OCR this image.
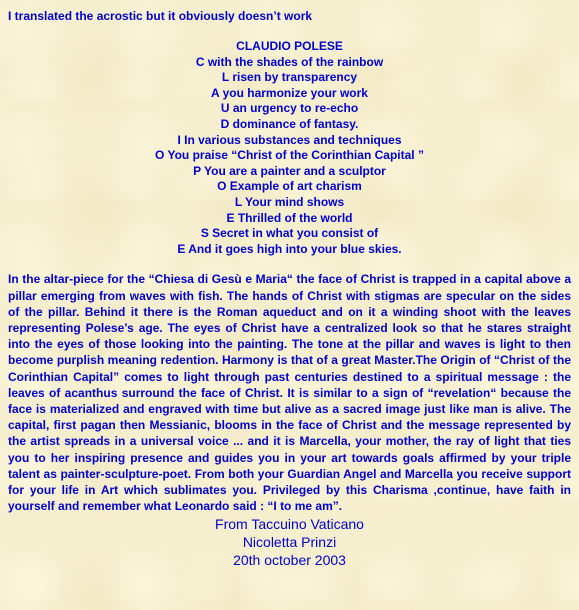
I translated the acrostic but it obviously doesn’t work

CLAUDIO POLESE
C with the shades of the rainbow
L risen by transparency
A you harmonize your work
U an urgency to re-echo
D dominance of fantasy.
I In various substances and techniques
O You praise “Christ of the Corinthian Capital ”
P You are a painter and a sculptor
O Example of art charism
L Your mind shows
E Thrilled of the world
S Secret in what you consist of
E And it goes high into your blue skies.

In the altar-piece for the “Chiesa di Gesù e Maria“ the face of Christ is trapped in a capital above a pillar emerging from waves with fish. The hands of Christ with stigmas are specular on the sides of the pillar. Behind it there is the Roman aqueduct and on it a winding shoot with the leaves representing Polese’s age. The eyes of Christ have a centralized look so that he stares straight into the eyes of those looking into the painting. The tone at the pillar and waves is light to then become purplish meaning redention. Harmony is that of a great Master.The Origin of “Christ of the Corinthian Capital” comes to light through past centuries destined to a spiritual message : the leaves of acanthus surround the face of Christ. It is similar to a sign of “revelation“ because the face is materialized and engraved with time but alive as a sacred image just like man is alive. The capital, first pagan then Messianic, blooms in the face of Christ and the message represented by the artist spreads in a universal voice ... and it is Marcella, your mother, the ray of light that ties you to her inspiring presence and guides you in your art towards goals affirmed by your triple talent as painter-sculpture-poet. From both your Guardian Angel and Marcella you receive support for your life in Art which sublimates you. Privileged by this Charisma ,continue, have faith in yourself and remember what Leonardo said : “I to me am”.

From Taccuino Vaticano
Nicoletta Prinzi
20th october 2003
